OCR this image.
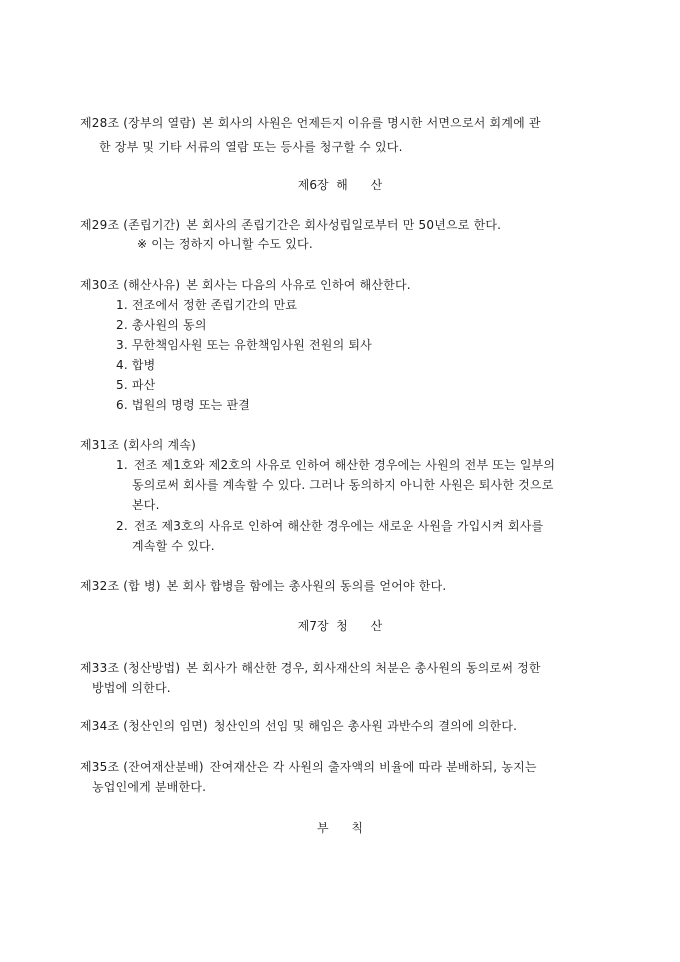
제28조 (장부의 열람) 본 회사의 사원은 언제든지 이유를 명시한 서면으로서 회계에 관
한 장부 및 기타 서류의 열람 또는 등사를 청구할 수 있다.
제6장  해      산
제29조 (존립기간) 본 회사의 존립기간은 회사성립일로부터 만 50년으로 한다.
※ 이는 정하지 아니할 수도 있다.
제30조 (해산사유) 본 회사는 다음의 사유로 인하여 해산한다.
1. 전조에서 정한 존립기간의 만료
2. 총사원의 동의
3. 무한책임사원 또는 유한책임사원 전원의 퇴사
4. 합병
5. 파산
6. 법원의 명령 또는 판결
제31조 (회사의 계속)
1. 전조 제1호와 제2호의 사유로 인하여 해산한 경우에는 사원의 전부 또는 일부의
동의로써 회사를 계속할 수 있다. 그러나 동의하지 아니한 사원은 퇴사한 것으로
본다.
2. 전조 제3호의 사유로 인하여 해산한 경우에는 새로운 사원을 가입시켜 회사를
계속할 수 있다.
제32조 (합 병) 본 회사 합병을 함에는 총사원의 동의를 얻어야 한다.
제7장  청      산
제33조 (청산방법) 본 회사가 해산한 경우, 회사재산의 처분은 총사원의 동의로써 정한
방법에 의한다.
제34조 (청산인의 임면) 청산인의 선임 및 해임은 총사원 과반수의 결의에 의한다.
제35조 (잔여재산분배) 잔여재산은 각 사원의 출자액의 비율에 따라 분배하되, 농지는
농업인에게 분배한다.
부      칙
